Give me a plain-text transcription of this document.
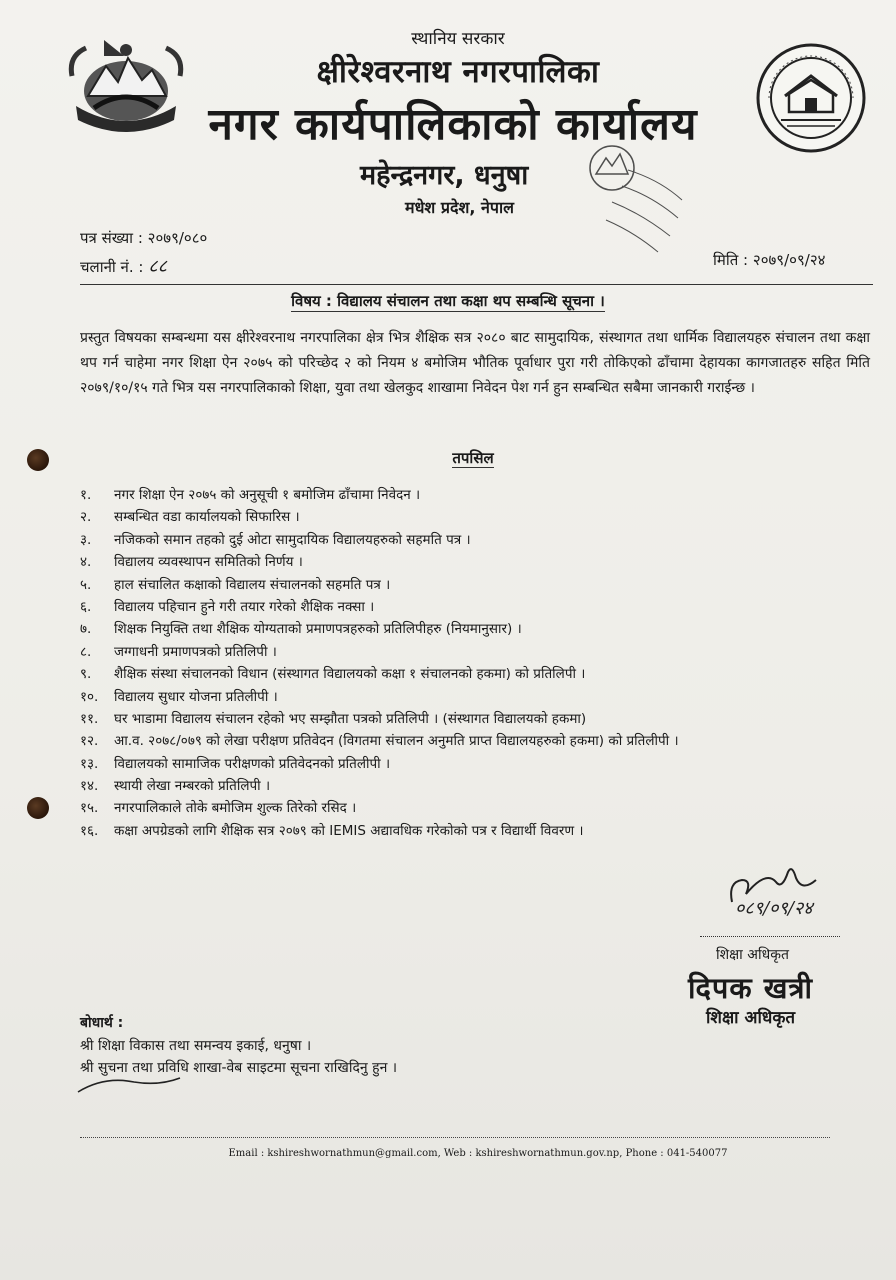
स्थानिय सरकार
क्षीरेश्वरनाथ नगरपालिका
नगर कार्यपालिकाको कार्यालय
महेन्द्रनगर, धनुषा
मधेश प्रदेश, नेपाल
पत्र संख्या : २०७९/०८०
चलानी नं. : ८८	मिति : २०७९/०९/२४
विषय : विद्यालय संचालन तथा कक्षा थप सम्बन्धि सूचना ।
प्रस्तुत विषयका सम्बन्धमा यस क्षीरेश्वरनाथ नगरपालिका क्षेत्र भित्र शैक्षिक सत्र २०८० बाट सामुदायिक, संस्थागत तथा धार्मिक विद्यालयहरु संचालन तथा कक्षा थप गर्न चाहेमा नगर शिक्षा ऐन २०७५ को परिच्छेद २ को नियम ४ बमोजिम भौतिक पूर्वाधार पुरा गरी तोकिएको ढाँचामा देहायका कागजातहरु सहित मिति २०७९/१०/१५ गते भित्र यस नगरपालिकाको शिक्षा, युवा तथा खेलकुद शाखामा निवेदन पेश गर्न हुन सम्बन्धित सबैमा जानकारी गराईन्छ ।
तपसिल
१.	नगर शिक्षा ऐन २०७५ को अनुसूची १ बमोजिम ढाँचामा निवेदन ।
२.	सम्बन्धित वडा कार्यालयको सिफारिस ।
३.	नजिकको समान तहको दुई ओटा सामुदायिक विद्यालयहरुको सहमति पत्र ।
४.	विद्यालय व्यवस्थापन समितिको निर्णय ।
५.	हाल संचालित कक्षाको विद्यालय संचालनको सहमति पत्र ।
६.	विद्यालय पहिचान हुने गरी तयार गरेको शैक्षिक नक्सा ।
७.	शिक्षक नियुक्ति तथा शैक्षिक योग्यताको प्रमाणपत्रहरुको प्रतिलिपीहरु (नियमानुसार) ।
८.	जग्गाधनी प्रमाणपत्रको प्रतिलिपी ।
९.	शैक्षिक संस्था संचालनको विधान (संस्थागत विद्यालयको कक्षा १ संचालनको हकमा) को प्रतिलिपी ।
१०.	विद्यालय सुधार योजना प्रतिलीपी ।
११.	घर भाडामा विद्यालय संचालन रहेको भए सम्झौता पत्रको प्रतिलिपी । (संस्थागत विद्यालयको हकमा)
१२.	आ.व. २०७८/०७९ को लेखा परीक्षण प्रतिवेदन (विगतमा संचालन अनुमति प्राप्त विद्यालयहरुको हकमा) को प्रतिलीपी ।
१३.	विद्यालयको सामाजिक परीक्षणको प्रतिवेदनको प्रतिलीपी ।
१४.	स्थायी लेखा नम्बरको प्रतिलिपी ।
१५.	नगरपालिकाले तोके बमोजिम शुल्क तिरेको रसिद ।
१६.	कक्षा अपग्रेडको लागि शैक्षिक सत्र २०७९ को IEMIS अद्यावधिक गरेकोको पत्र र विद्यार्थी विवरण ।
०८९/०९/२४
शिक्षा अधिकृत
दिपक खत्री
शिक्षा अधिकृत
बोधार्थ :
श्री शिक्षा विकास तथा समन्वय इकाई, धनुषा ।
श्री सुचना तथा प्रविधि शाखा-वेब साइटमा सूचना राखिदिनु हुन ।
Email : kshireshwornathmun@gmail.com, Web : kshireshwornathmun.gov.np, Phone : 041-540077
